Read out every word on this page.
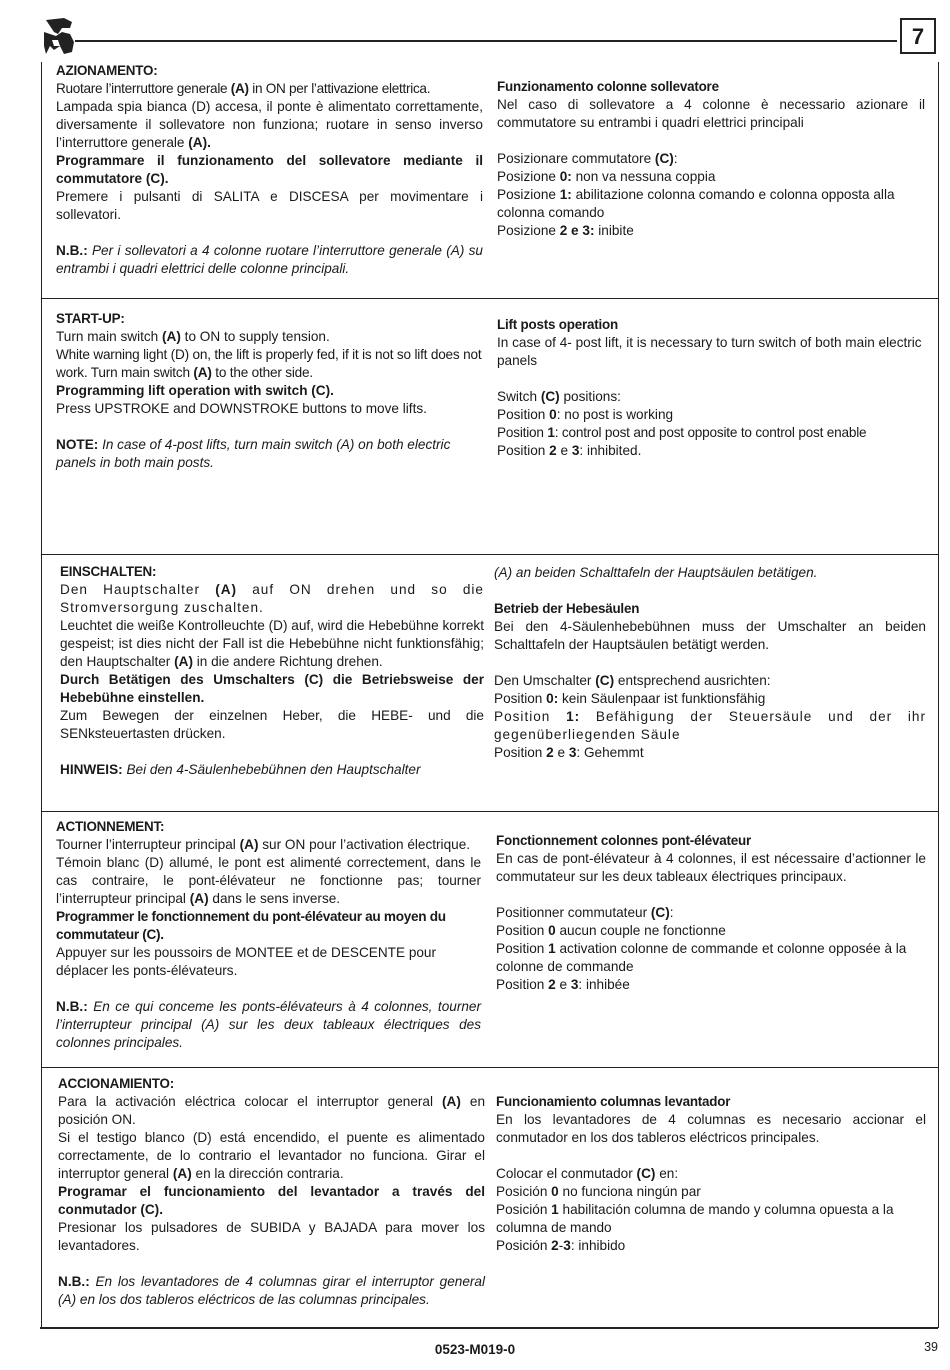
7

AZIONAMENTO:

Ruotare l’interruttore generale (A) in ON per l’attivazione elettrica.

Lampada spia bianca (D) accesa, il ponte è alimentato correttamente, diversamente il sollevatore non funziona; ruotare in senso inverso l’interruttore generale (A).

Programmare il funzionamento del sollevatore mediante il commutatore (C).

Premere i pulsanti di SALITA e DISCESA per movimentare i sollevatori.

N.B.: Per i sollevatori a 4 colonne ruotare l’interruttore generale (A) su entrambi i quadri elettrici delle colonne principali.

Funzionamento colonne sollevatore

Nel caso di sollevatore a 4 colonne è necessario azionare il commutatore su entrambi i quadri elettrici principali

Posizionare commutatore (C):

Posizione 0: non va nessuna coppia

Posizione 1: abilitazione colonna comando e colonna opposta alla colonna comando

Posizione 2 e 3: inibite

START-UP:

Turn main switch (A) to ON to supply tension.

White warning light (D) on, the lift is properly fed, if it is not so lift does not work. Turn main switch (A) to the other side.

Programming lift operation with switch (C).

Press UPSTROKE and DOWNSTROKE buttons to move lifts.

NOTE: In case of 4-post lifts, turn main switch (A) on both electric panels in both main posts.

Lift posts operation

In case of 4- post lift, it is necessary to turn switch of both main electric panels

Switch (C) positions:

Position 0: no post is working

Position 1: control post and post opposite to control post enable

Position 2 e 3: inhibited.

EINSCHALTEN:

Den Hauptschalter (A) auf ON drehen und so die Stromversorgung zuschalten.

Leuchtet die weiße Kontrolleuchte (D) auf, wird die Hebebühne korrekt gespeist; ist dies nicht der Fall ist die Hebebühne nicht funktionsfähig; den Hauptschalter (A) in die andere Richtung drehen.

Durch Betätigen des Umschalters (C) die Betriebsweise der Hebebühne einstellen.

Zum Bewegen der einzelnen Heber, die HEBE- und die SENksteuertasten drücken.

HINWEIS: Bei den 4-Säulenhebebühnen den Hauptschalter

(A) an beiden Schalttafeln der Hauptsäulen betätigen.

Betrieb der Hebesäulen

Bei den 4-Säulenhebebühnen muss der Umschalter an beiden Schalttafeln der Hauptsäulen betätigt werden.

Den Umschalter (C) entsprechend ausrichten:

Position 0: kein Säulenpaar ist funktionsfähig

Position 1: Befähigung der Steuersäule und der ihr gegenüberliegenden Säule

Position 2 e 3: Gehemmt

ACTIONNEMENT:

Tourner l’interrupteur principal (A) sur ON pour l’activation électrique.

Témoin blanc (D) allumé, le pont est alimenté correctement, dans le cas contraire, le pont-élévateur ne fonctionne pas; tourner l’interrupteur principal (A) dans le sens inverse.

Programmer le fonctionnement du pont-élévateur au moyen du commutateur (C).

Appuyer sur les poussoirs de MONTEE et de DESCENTE pour déplacer les ponts-élévateurs.

N.B.: En ce qui conceme les ponts-élévateurs à 4 colonnes, tourner l’interrupteur principal (A) sur les deux tableaux électriques des colonnes principales.

Fonctionnement colonnes pont-élévateur

En cas de pont-élévateur à 4 colonnes, il est nécessaire d’actionner le commutateur sur les deux tableaux électriques principaux.

Positionner commutateur (C):

Position 0 aucun couple ne fonctionne

Position 1 activation colonne de commande et colonne opposée à la colonne de commande

Position 2 e 3: inhibée

ACCIONAMIENTO:

Para la activación eléctrica colocar el interruptor general (A) en posición ON.

Si el testigo blanco (D) está encendido, el puente es alimentado correctamente, de lo contrario el levantador no funciona. Girar el interruptor general (A) en la dirección contraria.

Programar el funcionamiento del levantador a través del conmutador (C).

Presionar los pulsadores de SUBIDA y BAJADA para mover los levantadores.

N.B.: En los levantadores de 4 columnas girar el interruptor general (A) en los dos tableros eléctricos de las columnas principales.

Funcionamiento columnas levantador

En los levantadores de 4 columnas es necesario accionar el conmutador en los dos tableros eléctricos principales.

Colocar el conmutador (C) en:

Posición 0 no funciona ningún par

Posición 1 habilitación columna de mando y columna opuesta a la columna de mando

Posición 2-3: inhibido

0523-M019-0	39
